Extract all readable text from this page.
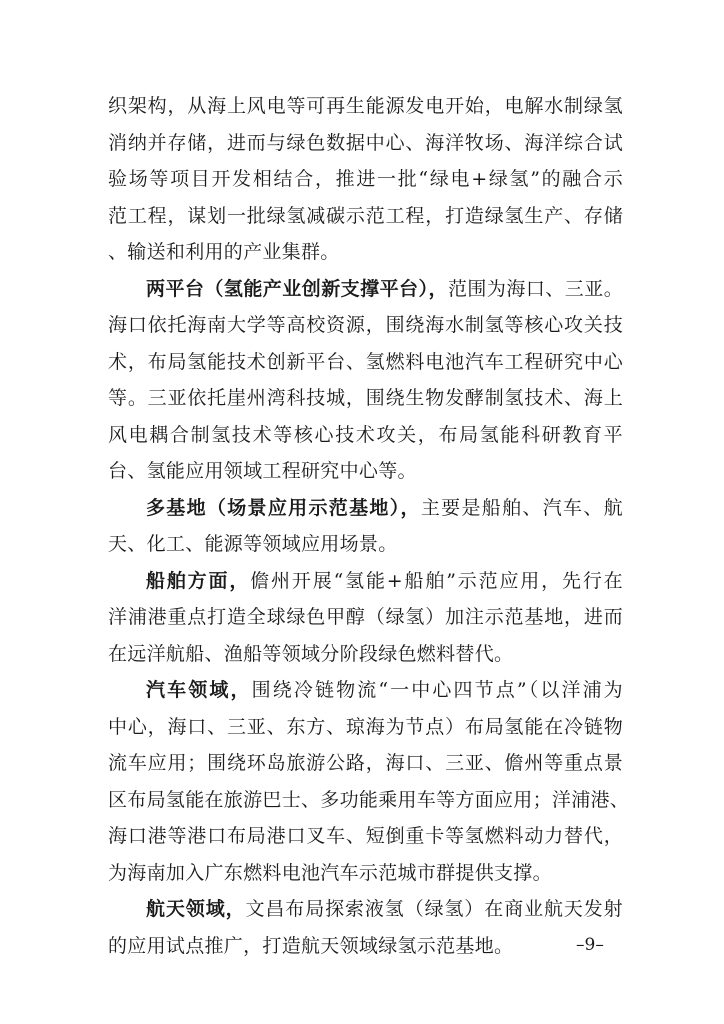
织架构，从海上风电等可再生能源发电开始，电解水制绿氢
消纳并存储，进而与绿色数据中心、海洋牧场、海洋综合试
验场等项目开发相结合，推进一批“绿电+绿氢”的融合示
范工程，谋划一批绿氢减碳示范工程，打造绿氢生产、存储
、输送和利用的产业集群。
两平台（氢能产业创新支撑平台），范围为海口、三亚。
海口依托海南大学等高校资源，围绕海水制氢等核心攻关技
术，布局氢能技术创新平台、氢燃料电池汽车工程研究中心
等。三亚依托崖州湾科技城，围绕生物发酵制氢技术、海上
风电耦合制氢技术等核心技术攻关，布局氢能科研教育平
台、氢能应用领域工程研究中心等。
多基地（场景应用示范基地），主要是船舶、汽车、航
天、化工、能源等领域应用场景。
船舶方面，儋州开展“氢能+船舶”示范应用，先行在
洋浦港重点打造全球绿色甲醇（绿氢）加注示范基地，进而
在远洋航船、渔船等领域分阶段绿色燃料替代。
汽车领域，围绕冷链物流“一中心四节点”（以洋浦为
中心，海口、三亚、东方、琼海为节点）布局氢能在冷链物
流车应用；围绕环岛旅游公路，海口、三亚、儋州等重点景
区布局氢能在旅游巴士、多功能乘用车等方面应用；洋浦港、
海口港等港口布局港口叉车、短倒重卡等氢燃料动力替代，
为海南加入广东燃料电池汽车示范城市群提供支撑。
航天领域，文昌布局探索液氢（绿氢）在商业航天发射
的应用试点推广，打造航天领域绿氢示范基地。	–9–
